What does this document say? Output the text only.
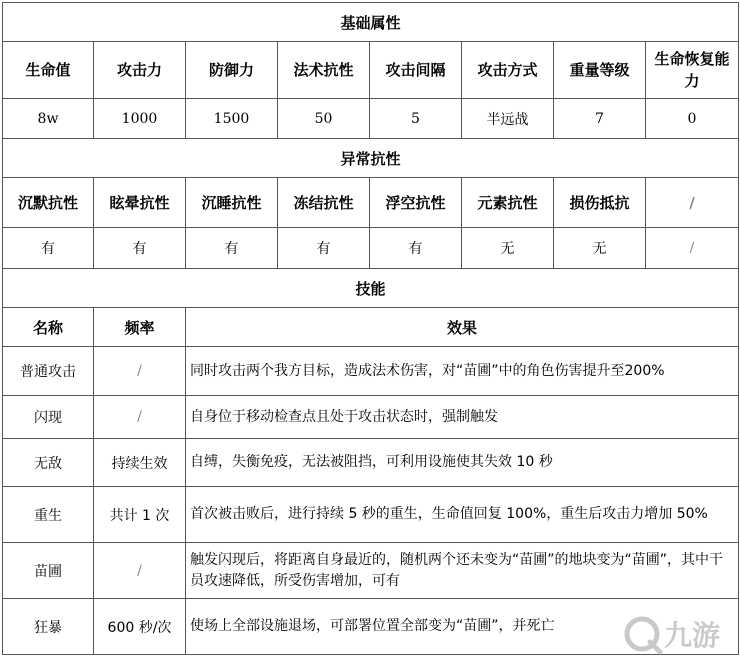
基础属性							
生命值	攻击力	防御力	法术抗性	攻击间隔	攻击方式	重量等级	生命恢复能力
8w	1000	1500	50	5	半远战	7	0
异常抗性							
沉默抗性	眩晕抗性	沉睡抗性	冻结抗性	浮空抗性	元素抗性	损伤抵抗	/
有	有	有	有	有	无	无	/
技能							
名称	频率	效果					
普通攻击	/	同时攻击两个我方目标，造成法术伤害，对“苗圃”中的角色伤害提升至200%					
闪现	/	自身位于移动检查点且处于攻击状态时，强制触发					
无敌	持续生效	自缚，失衡免疫，无法被阻挡，可利用设施使其失效 10 秒					
重生	共计 1 次	首次被击败后，进行持续 5 秒的重生，生命值回复 100%，重生后攻击力增加 50%					
苗圃	/	触发闪现后，将距离自身最近的，随机两个还未变为“苗圃”的地块变为“苗圃”，其中干员攻速降低，所受伤害增加，可有					
狂暴	600 秒/次	使场上全部设施退场，可部署位置全部变为“苗圃”，并死亡						九游
